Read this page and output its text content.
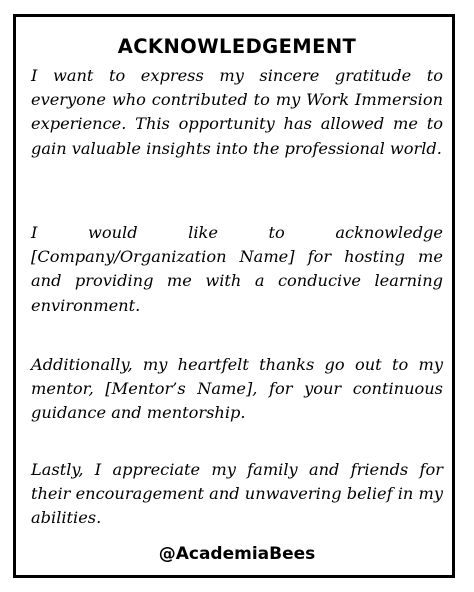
ACKNOWLEDGEMENT
I want to express my sincere gratitude to everyone who contributed to my Work Immersion experience. This opportunity has allowed me to gain valuable insights into the professional world.
I would like to acknowledge [Company/Organization Name] for hosting me and providing me with a conducive learning environment.
Additionally, my heartfelt thanks go out to my mentor, [Mentor’s Name], for your continuous guidance and mentorship.
Lastly, I appreciate my family and friends for their encouragement and unwavering belief in my abilities.
@AcademiaBees
